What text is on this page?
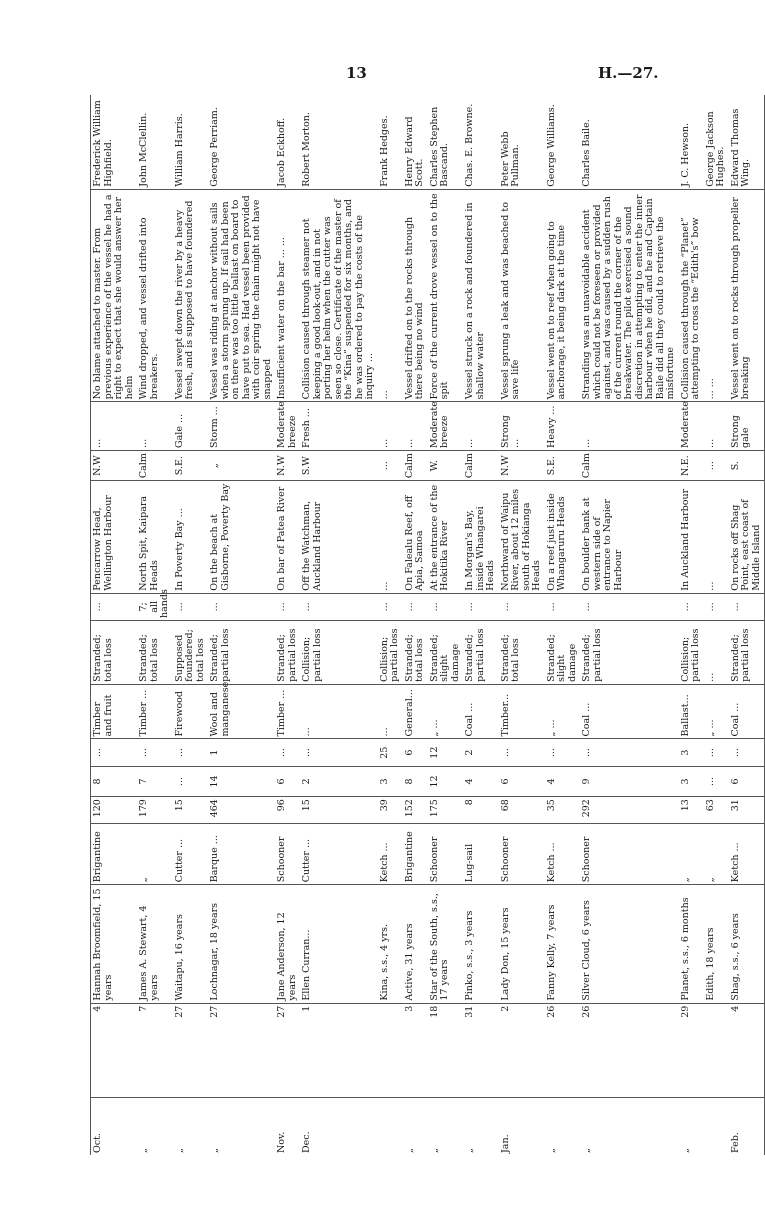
13	H.—27.
Oct.	4	Hannah Broomfield, 15 years	Brigantine	120	8	...	Timber and fruit	Stranded; total loss	...	Pencarrow Head, Wellington Harbour	N.W	...	No blame attached to master. From previous experience of the vessel he had a right to expect that she would answer her helm	Frederick William Highfield.
„	7	James A. Stewart, 4 years	„	179	7	...	Timber ...	Stranded; total loss	7; all hands	North Spit, Kaipara Heads	Calm	...	Wind dropped, and vessel drifted into breakers.	John McClellin.
„	27	Waitapu, 16 years	Cutter ...	15	...	...	Firewood	Supposed foundered; total loss	...	In Poverty Bay ...	S.E.	Gale ...	Vessel swept down the river by a heavy fresh, and is supposed to have foundered	William Harris.
„	27	Lochnagar, 18 years	Barque ...	464	14	1	Wool and manganese	Stranded; partial loss	...	On the beach at Gisborne, Poverty Bay	„	Storm ...	Vessel was riding at anchor without sails when a storm sprung up. If sail had been on there was too little ballast on board to have put to sea. Had vessel been provided with coir spring the chain might not have snapped	George Perriam.
Nov.	27	Jane Anderson, 12 years	Schooner	96	6	...	Timber ...	Stranded; partial loss	...	On bar of Patea River	N.W	Moderate breeze	Insufficient water on the bar ... ...	Jacob Eckhoff.
Dec.	1	Ellen Curran...	Cutter ...	15	2	...	...	Collision; partial loss	...	Off the Watchman, Auckland Harbour	S.W	Fresh ...	Collision caused through steamer not keeping a good look-out, and in not porting her helm when the cutter was seen so close. Certificate of the master of the “Kina” suspended for six months, and he was ordered to pay the costs of the inquiry ...	Robert Morton.
		Kina, s.s., 4 yrs.	Ketch ...	39	3	25	...	Collision; partial loss	...	...	...	...	...	Frank Hedges.
„	3	Active, 31 years	Brigantine	152	8	6	General...	Stranded; total loss	...	On Falealu Reef, off Apia, Samoa	Calm	...	Vessel drifted on to the rocks through there being no wind	Henry Edward Scott.
„	18	Star of the South, s.s., 17 years	Schooner	175	12	12	„ ...	Stranded; slight damage	...	At the entrance of the Hokitika River	W.	Moderate breeze	Force of the current drove vessel on to the spit	Charles Stephen Bascand.
„	31	Pinko, s.s., 3 years	Lug-sail	8	4	2	Coal ...	Stranded; partial loss	...	In Morgan's Bay, inside Whangarei Heads	Calm	...	Vessel struck on a rock and foundered in shallow water	Chas. E. Browne.
Jan.	2	Lady Don, 15 years	Schooner	68	6	...	Timber...	Stranded; total loss	...	Northward of Waipu River, about 12 miles south of Hokianga Heads	N.W	Strong ...	Vessel sprung a leak and was beached to save life	Peter Webb Pullman.
„	26	Fanny Kelly, 7 years	Ketch ...	35	4	...	„ ...	Stranded; slight damage	...	On a reef just inside Whangaruru Heads	S.E.	Heavy ...	Vessel went on to reef when going to anchorage, it being dark at the time	George Williams.
„	26	Silver Cloud, 6 years	Schooner	292	9	...	Coal ...	Stranded; partial loss	...	On boulder bank at western side of entrance to Napier Harbour	Calm	...	Stranding was an unavoidable accident which could not be foreseen or provided against, and was caused by a sudden rush of the current round the corner of the breakwater. The pilot exercised a sound discretion in attempting to enter the inner harbour when he did, and he and Captain Baile did all they could to retrieve the misfortune	Charles Baile.
„	29	Planet, s.s., 6 months	„	13	3	3	Ballast...	Collision; partial loss	...	In Auckland Harbour	N.E.	Moderate	Collision caused through the “Planet” attempting to cross the “Edith's” bow	J. C. Hewson.
		Edith, 18 years	„	63	...	...	„ ...	...	...	...	...	...	... ...	George Jackson Hughes.
Feb.	4	Shag, s.s., 6 years	Ketch ...	31	6	...	Coal ...	Stranded; partial loss	...	On rocks off Shag Point, east coast of Middle Island	S.	Strong gale	Vessel went on to rocks through propeller breaking	Edward Thomas Wing.
